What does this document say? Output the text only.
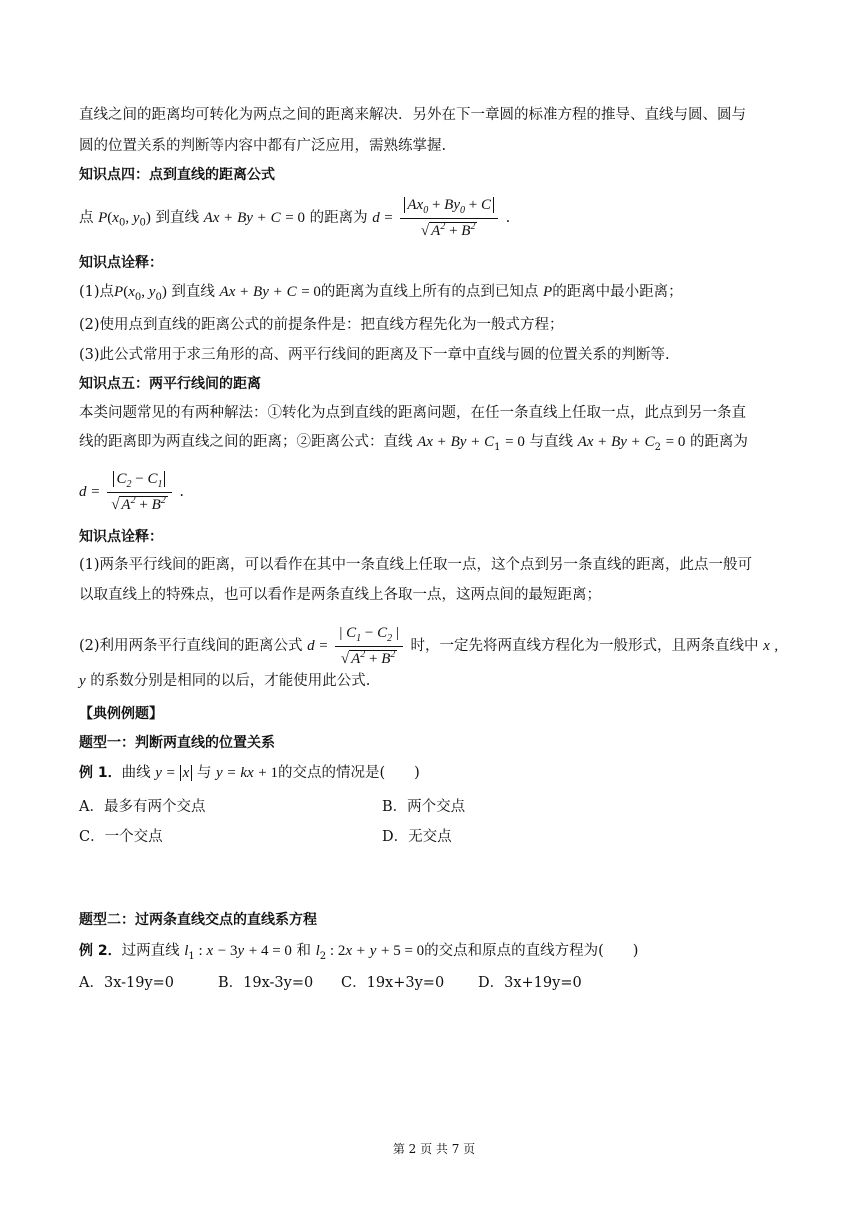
直线之间的距离均可转化为两点之间的距离来解决．另外在下一章圆的标准方程的推导、直线与圆、圆与
圆的位置关系的判断等内容中都有广泛应用，需熟练掌握.
知识点四：点到直线的距离公式
点 $P(x_0$, $y_0$) 到直线 Ax + By + C = 0 的距离为 $d = \frac{Ax_0 + By_0 + C}{√ A^2 + B^2}$ .
知识点诠释：
(1)点$P(x_0$, $y_0$) 到直线 Ax + By + C = 0的距离为直线上所有的点到已知点 P的距离中最小距离；
(2)使用点到直线的距离公式的前提条件是：把直线方程先化为一般式方程；
(3)此公式常用于求三角形的高、两平行线间的距离及下一章中直线与圆的位置关系的判断等.
知识点五：两平行线间的距离
本类问题常见的有两种解法：①转化为点到直线的距离问题，在任一条直线上任取一点，此点到另一条直
线的距离即为两直线之间的距离；②距离公式：直线 $Ax + By + C_1 = 0$ 与直线 $Ax + By + C_2 = 0$ 的距离为
$d = \frac{C_2 - C_1}{√ A^2 + B^2}$ .
知识点诠释：
(1)两条平行线间的距离，可以看作在其中一条直线上任取一点，这个点到另一条直线的距离，此点一般可
以取直线上的特殊点，也可以看作是两条直线上各取一点，这两点间的最短距离；
(2)利用两条平行直线间的距离公式 $d = \frac{| C_1 - C_2 |}{√ A^2 + B^2}$ 时，一定先将两直线方程化为一般形式，且两条直线中 x ,
y 的系数分别是相同的以后，才能使用此公式.
【典例例题】
题型一：判断两直线的位置关系
例 1．曲线 y = x 与 y = kx + 1的交点的情况是(　　)
A．最多有两个交点	B．两个交点
C．一个交点	D．无交点
题型二：过两条直线交点的直线系方程
例 2．过两直线 $l_1$ : x − 3y + 4 = 0 和 $l_2$ : 2x + y + 5 = 0的交点和原点的直线方程为(　　)
A．3x-19y=0	B．19x-3y=0 C．19x+3y=0 D．3x+19y=0
第 2 页 共 7 页
